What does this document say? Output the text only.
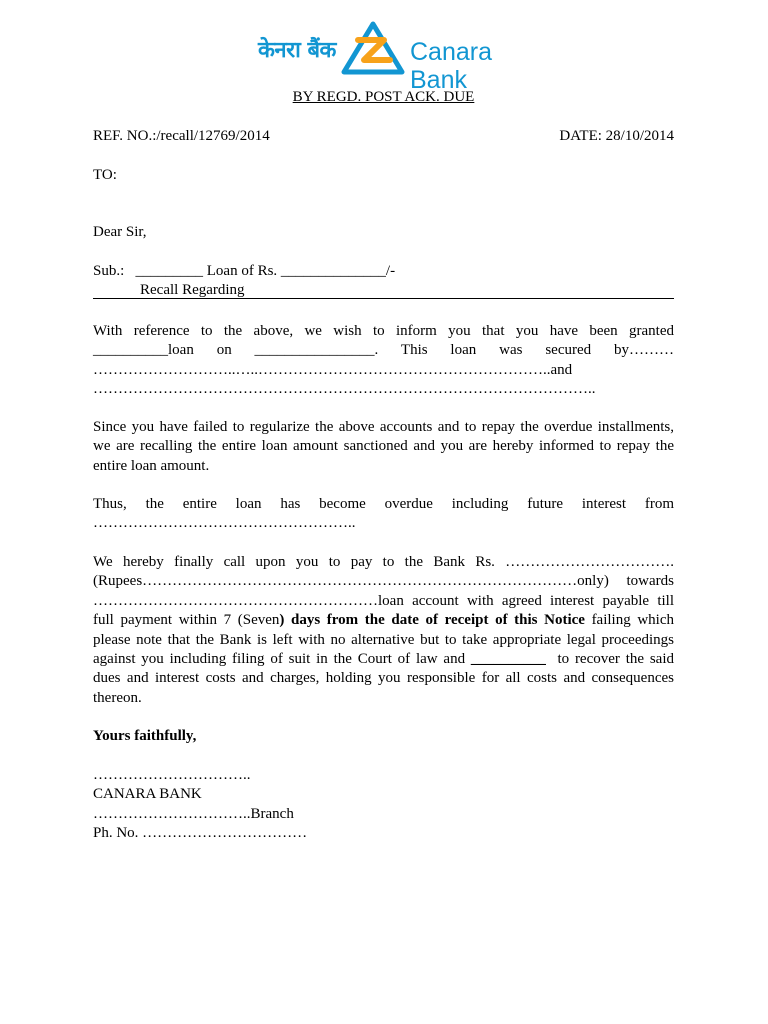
केनरा बैंक	Canara Bank
BY REGD. POST ACK. DUE
REF. NO.:/recall/12769/2014	DATE: 28/10/2014
TO:
Dear Sir,
Sub.:   _________ Loan of Rs. ______________/-
Recall Regarding
With reference to the above, we wish to inform you that you have been granted
__________loan on ________________. This loan was secured by………
………………………..…..…………………………………………………..and
………………………………………………………………………………………..
Since you have failed to regularize the above accounts and to repay the overdue installments,
we are recalling the entire loan amount sanctioned and you are hereby informed to repay the
entire loan amount.
Thus, the entire loan has become overdue including future interest from
……………………………………………..
We hereby finally call upon you to pay to the Bank Rs. …………………………….
(Rupees……………………………………………………………………………only) towards
…………………………………………………loan account with agreed interest payable till
full payment within 7 (Seven) days from the date of receipt of this Notice failing which
please note that the Bank is left with no alternative but to take appropriate legal proceedings
against you including filing of suit in the Court of law and __________  to recover the said
dues and interest costs and charges, holding you responsible for all costs and consequences
thereon.
Yours faithfully,
…………………………..
CANARA BANK
…………………………..Branch
Ph. No. ……………………………
